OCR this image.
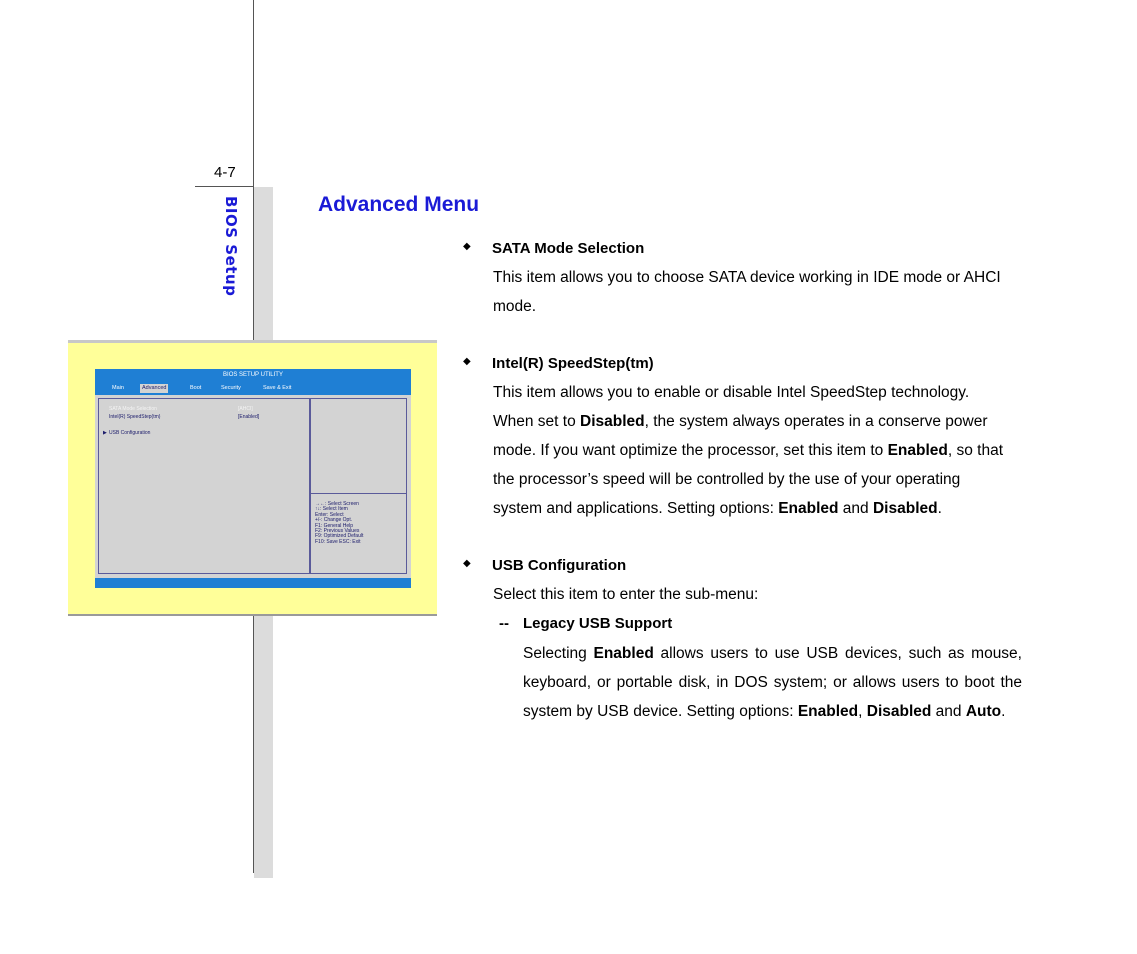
4-7
BIOS Setup
BIOS SETUP UTILITY
Main	Advanced	Boot	Security	Save & Exit
SATA Mode Selection	[AHCI]
Intel(R) SpeedStep(tm)	[Enabled]
▶ USB Configuration
→←: Select Screen
↑↓: Select Item
Enter: Select
+/-: Change Opt.
F1: General Help
F2: Previous Values
F9: Optimized Default
F10: Save ESC: Exit
Advanced Menu
◆ SATA Mode Selection
This item allows you to choose SATA device working in IDE mode or AHCI mode.
◆ Intel(R) SpeedStep(tm)
This item allows you to enable or disable Intel SpeedStep technology. When set to Disabled, the system always operates in a conserve power mode. If you want optimize the processor, set this item to Enabled, so that the processor’s speed will be controlled by the use of your operating system and applications. Setting options: Enabled and Disabled.
◆ USB Configuration
Select this item to enter the sub-menu:
-- Legacy USB Support
Selecting Enabled allows users to use USB devices, such as mouse, keyboard, or portable disk, in DOS system; or allows users to boot the system by USB device. Setting options: Enabled, Disabled and Auto.
